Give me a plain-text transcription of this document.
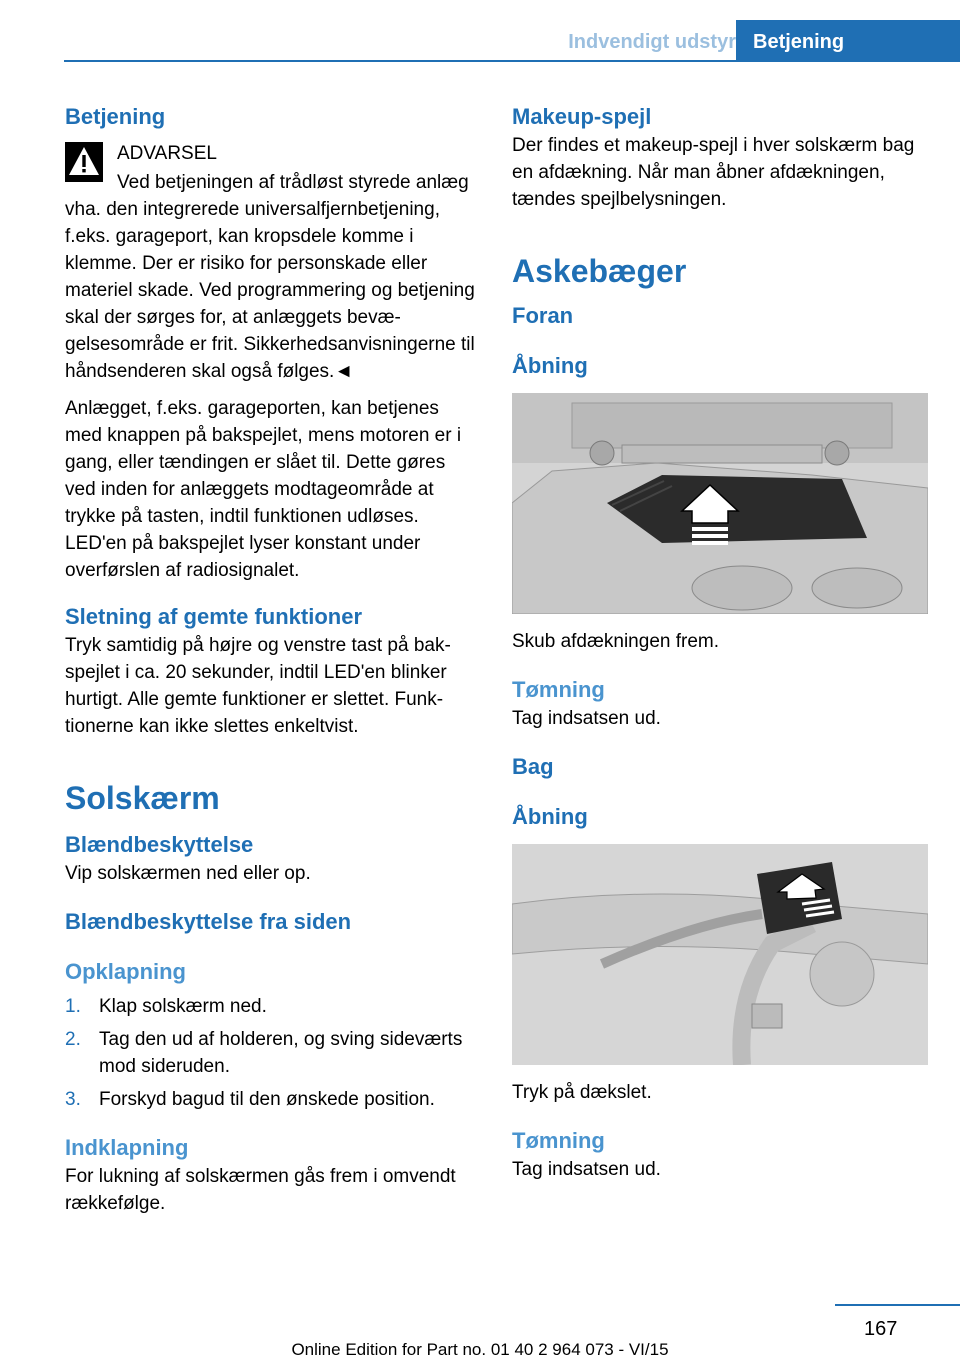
Indvendigt udstyr Betjening
Betjening
ADVARSEL

Ved betjeningen af trådløst styrede anlæg vha. den integrerede universalfjernbetjening, f.eks. garageport, kan kropsdele komme i klemme. Der er risiko for personskade eller materiel skade. Ved programmering og betjening skal der sørges for, at anlæggets bevægelsesområde er frit. Sikkerhedsanvisningerne til håndsenderen skal også følges.◄

Anlægget, f.eks. garageporten, kan betjenes med knappen på bakspejlet, mens motoren er i gang, eller tændingen er slået til. Dette gøres ved inden for anlæggets modtageområde at trykke på tasten, indtil funktionen udløses. LED'en på bakspejlet lyser konstant under overførslen af radiosignalet.

Sletning af gemte funktioner

Tryk samtidig på højre og venstre tast på bakspejlet i ca. 20 sekunder, indtil LED'en blinker hurtigt. Alle gemte funktioner er slettet. Funktionerne kan ikke slettes enkeltvist.

Solskærm
Blændbeskyttelse

Vip solskærmen ned eller op.

Blændbeskyttelse fra siden
Opklapning
1. Klap solskærm ned.
2. Tag den ud af holderen, og sving sideværts mod sideruden.
3. Forskyd bagud til den ønskede position.
Indklapning

For lukning af solskærmen gås frem i omvendt rækkefølge.

Makeup-spejl

Der findes et makeup-spejl i hver solskærm bag en afdækning. Når man åbner afdækningen, tændes spejlbelysningen.

Askebæger
Foran
Åbning

Skub afdækningen frem.

Tømning

Tag indsatsen ud.

Bag
Åbning

Tryk på dækslet.

Tømning

Tag indsatsen ud.

167
Online Edition for Part no. 01 40 2 964 073 - VI/15
